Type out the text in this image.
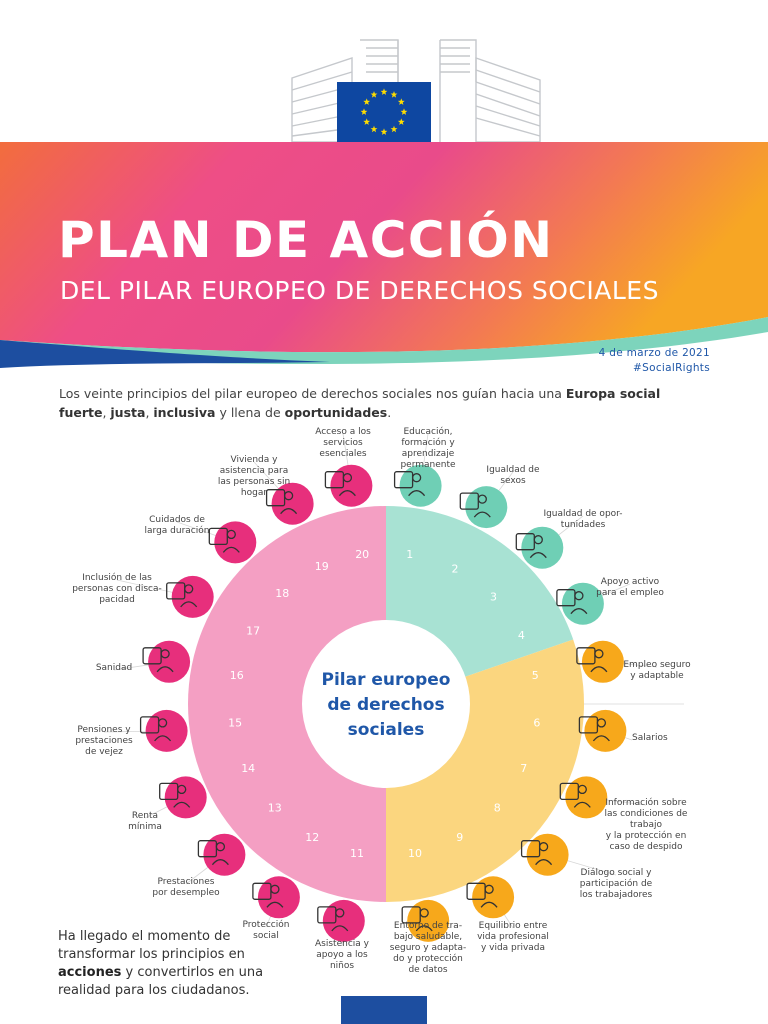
PLAN DE ACCIÓN
DEL PILAR EUROPEO DE DERECHOS SOCIALES
4 de marzo de 2021
#SocialRights

Los veinte principios del pilar europeo de derechos sociales nos guían hacia una Europa social fuerte, justa, inclusiva y llena de oportunidades.

1
2
3
4
5
6
7
8
9
10
11
12
13
14
15
16
17
18
19
20
Educación, formación y aprendizaje permanente	Igualdad de sexos
Igualdad de opor-tunidades
Apoyo activo para el empleo
Empleo seguro y adaptable
Salarios
Información sobre las condiciones de trabajo y la protección en caso de despido
Diálogo social y participación de los trabajadores
Equilibrio entre vida profesional y vida privada
Entorno de tra-bajo saludable, seguro y adapta-do y protección de datos
Asistencia y apoyo a los niños
Protección social
Prestaciones por desempleo
Renta mínima
Pensiones y prestaciones de vejez
Sanidad
Inclusión de las personas con disca-pacidad
Cuidados de larga duración
Vivienda y asistencia para las personas sin hogar
Acceso a los servicios esenciales
Pilar europeo
de derechos
sociales

Ha llegado el momento de transformar los principios en acciones y convertirlos en una realidad para los ciudadanos.
